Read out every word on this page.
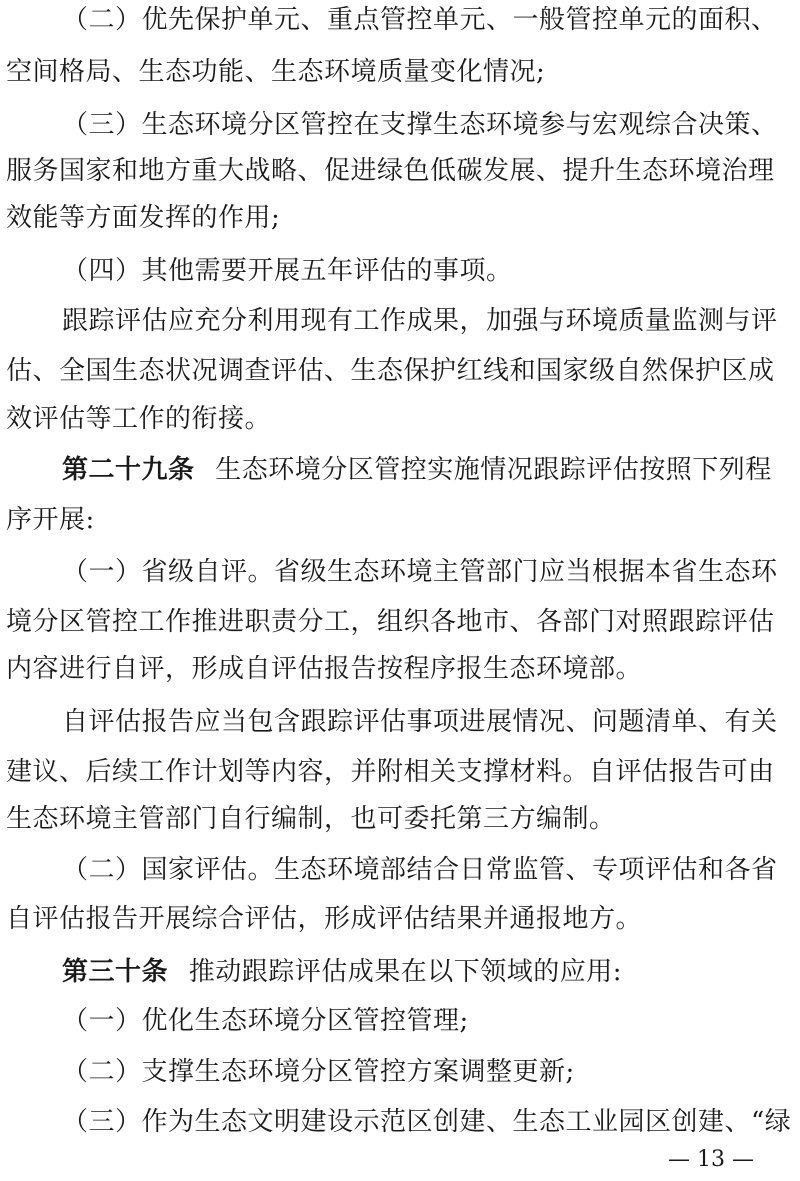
（二）优先保护单元、重点管控单元、一般管控单元的面积、
空间格局、生态功能、生态环境质量变化情况;
（三）生态环境分区管控在支撑生态环境参与宏观综合决策、
服务国家和地方重大战略、促进绿色低碳发展、提升生态环境治理
效能等方面发挥的作用;
（四）其他需要开展五年评估的事项。
跟踪评估应充分利用现有工作成果，加强与环境质量监测与评
估、全国生态状况调查评估、生态保护红线和国家级自然保护区成
效评估等工作的衔接。
第二十九条 生态环境分区管控实施情况跟踪评估按照下列程
序开展:
（一）省级自评。省级生态环境主管部门应当根据本省生态环
境分区管控工作推进职责分工，组织各地市、各部门对照跟踪评估
内容进行自评，形成自评估报告按程序报生态环境部。
自评估报告应当包含跟踪评估事项进展情况、问题清单、有关
建议、后续工作计划等内容，并附相关支撑材料。自评估报告可由
生态环境主管部门自行编制，也可委托第三方编制。
（二）国家评估。生态环境部结合日常监管、专项评估和各省
自评估报告开展综合评估，形成评估结果并通报地方。
第三十条 推动跟踪评估成果在以下领域的应用:
（一）优化生态环境分区管控管理;
（二）支撑生态环境分区管控方案调整更新;
（三）作为生态文明建设示范区创建、生态工业园区创建、“绿
— 13 —
